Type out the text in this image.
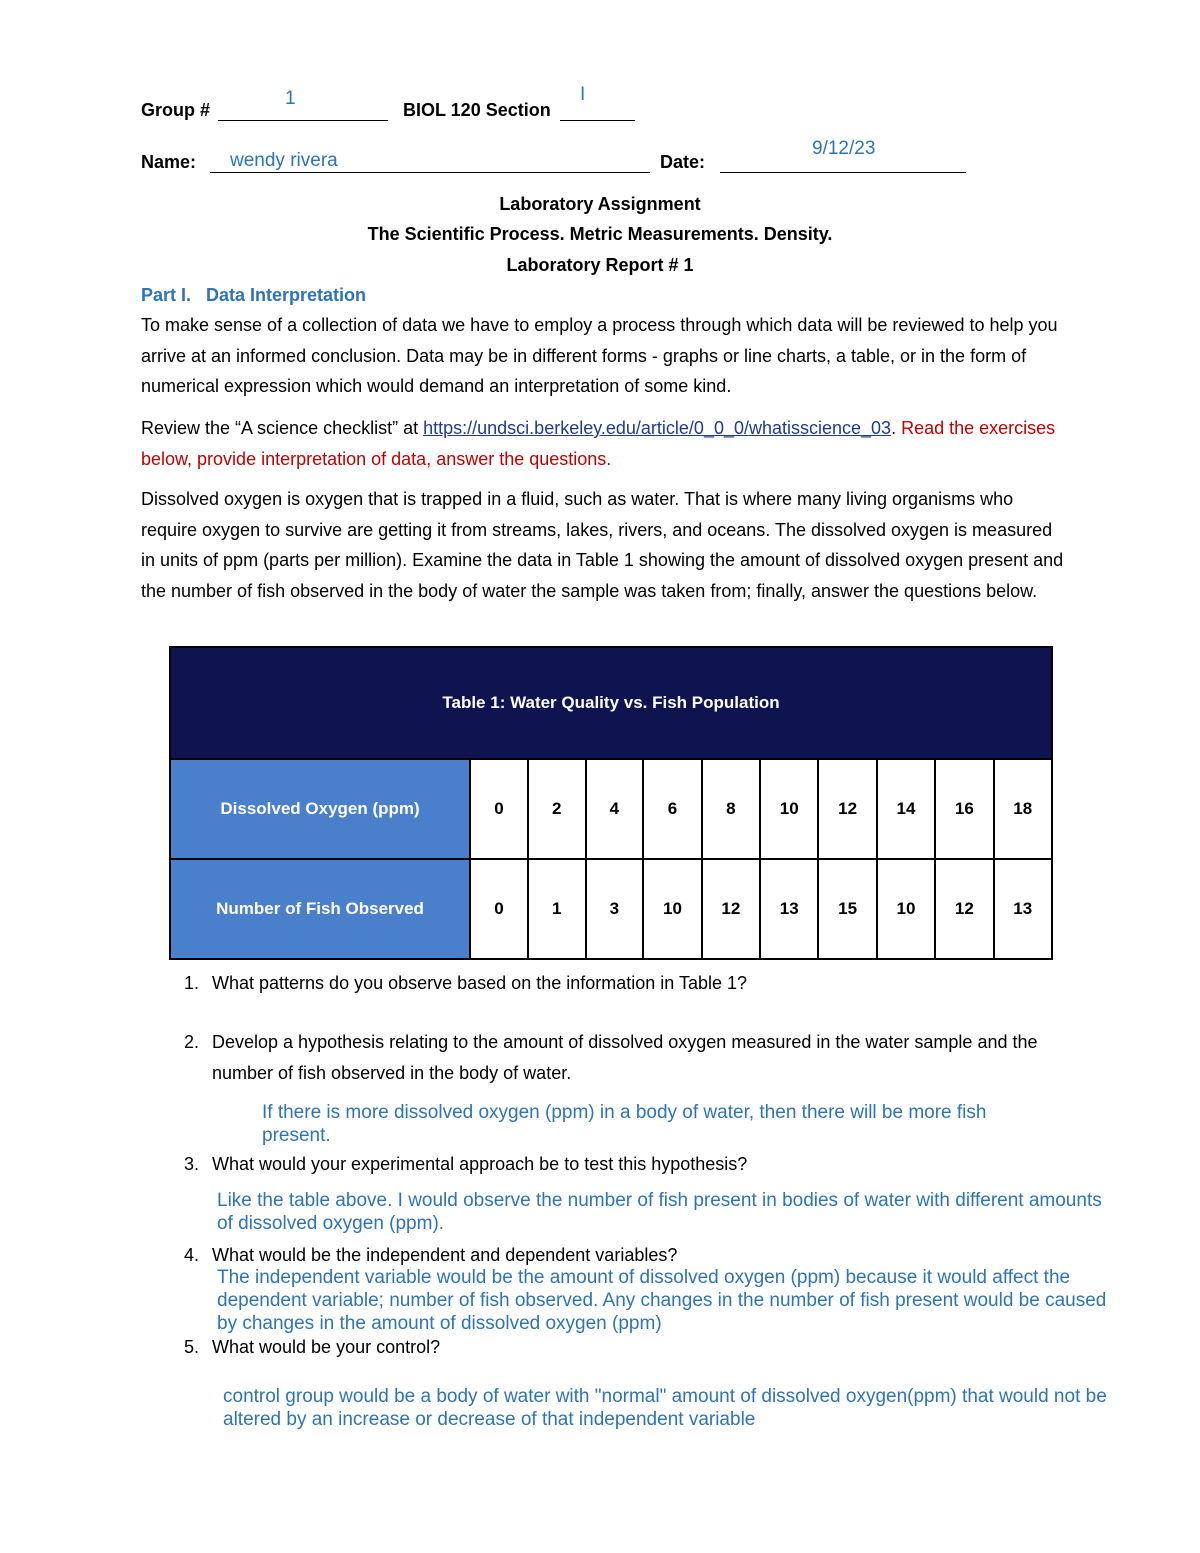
Group #
1
BIOL 120 Section
I
Name: wendy rivera	Date:
9/12/23
Laboratory Assignment
The Scientific Process. Metric Measurements. Density.
Laboratory Report # 1
Part I.   Data Interpretation
To make sense of a collection of data we have to employ a process through which data will be reviewed to help you arrive at an informed conclusion. Data may be in different forms - graphs or line charts, a table, or in the form of numerical expression which would demand an interpretation of some kind.
Review the “A science checklist” at https://undsci.berkeley.edu/article/0_0_0/whatisscience_03. Read the exercises below, provide interpretation of data, answer the questions.
Dissolved oxygen is oxygen that is trapped in a fluid, such as water. That is where many living organisms who require oxygen to survive are getting it from streams, lakes, rivers, and oceans. The dissolved oxygen is measured in units of ppm (parts per million). Examine the data in Table 1 showing the amount of dissolved oxygen present and the number of fish observed in the body of water the sample was taken from; finally, answer the questions below.
Table 1: Water Quality vs. Fish Population										
Dissolved Oxygen (ppm)	0	2	4	6	8	10	12	14	16	18
Number of Fish Observed	0	1	3	10	12	13	15	10	12	13
1. What patterns do you observe based on the information in Table 1?
2. Develop a hypothesis relating to the amount of dissolved oxygen measured in the water sample and the number of fish observed in the body of water.
If there is more dissolved oxygen (ppm) in a body of water, then there will be more fish present.
3. What would your experimental approach be to test this hypothesis?
Like the table above. I would observe the number of fish present in bodies of water with different amounts of dissolved oxygen (ppm).
4. What would be the independent and dependent variables?
The independent variable would be the amount of dissolved oxygen (ppm) because it would affect the dependent variable; number of fish observed. Any changes in the number of fish present would be caused by changes in the amount of dissolved oxygen (ppm)
5. What would be your control?
control group would be a body of water with "normal" amount of dissolved oxygen(ppm) that would not be altered by an increase or decrease of that independent variable
